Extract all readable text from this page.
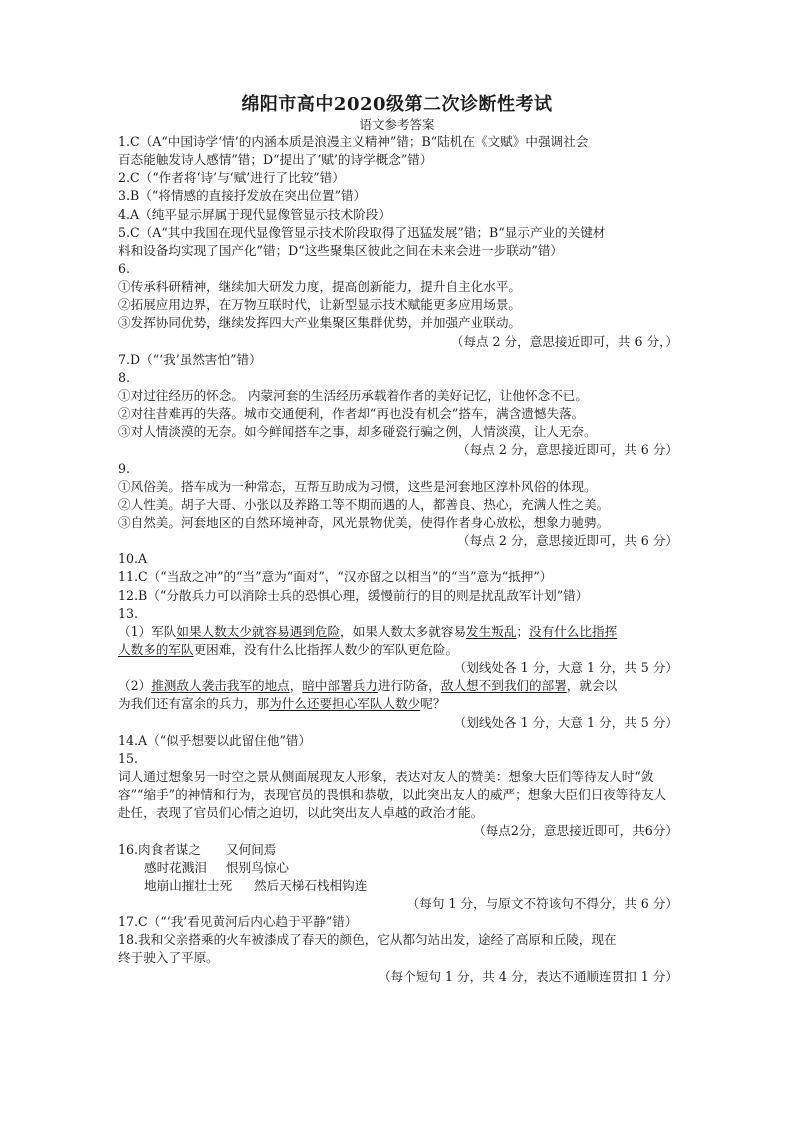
绵阳市高中2020级第二次诊断性考试
语文参考答案
1.C（A“中国诗学‘情’的内涵本质是浪漫主义精神”错；B“陆机在《文赋》中强调社会
百态能触发诗人感情”错；D“提出了‘赋’的诗学概念”错）
2.C（“作者将‘诗’与‘赋’进行了比较”错）
3.B（“将情感的直接抒发放在突出位置”错）
4.A（纯平显示屏属于现代显像管显示技术阶段）
5.C（A“其中我国在现代显像管显示技术阶段取得了迅猛发展”错；B“显示产业的关键材
料和设备均实现了国产化”错；D“这些聚集区彼此之间在未来会进一步联动”错）
6.
①传承科研精神，继续加大研发力度，提高创新能力，提升自主化水平。
②拓展应用边界，在万物互联时代，让新型显示技术赋能更多应用场景。
③发挥协同优势，继续发挥四大产业集聚区集群优势，并加强产业联动。
（每点 2 分，意思接近即可，共 6 分，）
7.D（“‘我’虽然害怕”错）
8.
①对过往经历的怀念。 内蒙河套的生活经历承载着作者的美好记忆，让他怀念不已。
②对往昔难再的失落。城市交通便利，作者却“再也没有机会”搭车，满含遗憾失落。
③对人情淡漠的无奈。如今鲜闻搭车之事，却多碰瓷行骗之例，人情淡漠，让人无奈。
（每点 2 分，意思接近即可，共 6 分）
9.
①风俗美。搭车成为一种常态，互帮互助成为习惯，这些是河套地区淳朴风俗的体现。
②人性美。胡子大哥、小张以及养路工等不期而遇的人，都善良、热心，充满人性之美。
③自然美。河套地区的自然环境神奇，风光景物优美，使得作者身心放松，想象力驰骋。
（每点 2 分，意思接近即可，共 6 分）
10.A
11.C（“当敌之冲”的“当”意为“面对”，“汉亦留之以相当”的“当”意为“抵押”）
12.B（“分散兵力可以消除士兵的恐惧心理，缓慢前行的目的则是扰乱敌军计划”错）
13.
（1）军队如果人数太少就容易遇到危险，如果人数太多就容易发生叛乱；没有什么比指挥
人数多的军队更困难，没有什么比指挥人数少的军队更危险。
（划线处各 1 分，大意 1 分，共 5 分）
（2）推测敌人袭击我军的地点，暗中部署兵力进行防备，敌人想不到我们的部署，就会以
为我们还有富余的兵力，那为什么还要担心军队人数少呢？
（划线处各 1 分，大意 1 分，共 5 分）
14.A（“似乎想要以此留住他”错）
15.
词人通过想象另一时空之景从侧面展现友人形象，表达对友人的赞美：想象大臣们等待友人时“敛容”“缩手”的神情和行为，表现官员的畏惧和恭敬，以此突出友人的威严；想象大臣们日夜等待友人赴任，表现了官员们心情之迫切，以此突出友人卓越的政治才能。
（每点2分，意思接近即可，共6分）
16.肉食者谋之	又何间焉
感时花溅泪	恨别鸟惊心
地崩山摧壮士死	然后天梯石栈相钩连
（每句 1 分，与原文不符该句不得分，共 6 分）
17.C（“‘我’看见黄河后内心趋于平静”错）
18.我和父亲搭乘的火车被漆成了春天的颜色，它从都匀站出发，途经了高原和丘陵，现在
终于驶入了平原。
（每个短句 1 分，共 4 分，表达不通顺连贯扣 1 分）
